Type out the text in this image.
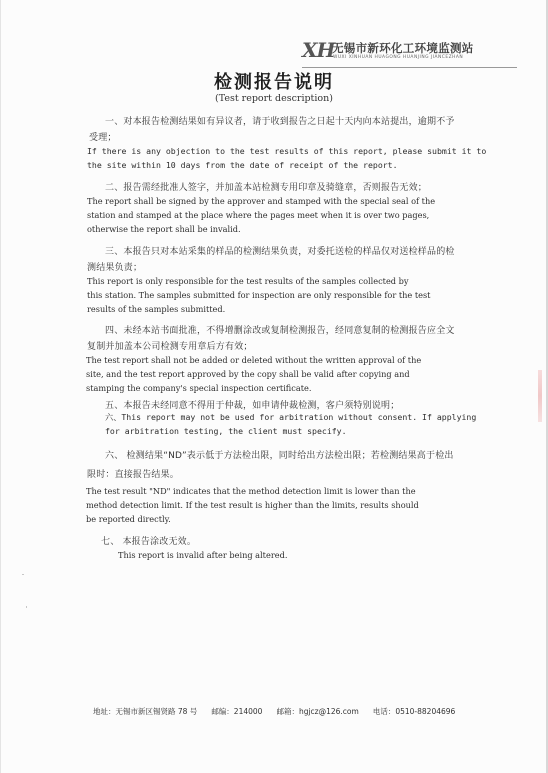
XH
无锡市新环化工环境监测站
WUXI XINHUAN HUAGONG HUANJING JIANCEZHAN
检测报告说明
(Test report description)
一、对本报告检测结果如有异议者，请于收到报告之日起十天内向本站提出，逾期不予
受理；
If there is any objection to the test results of this report, please submit it to
the site within 10 days from the date of receipt of the report.
二、报告需经批准人签字，并加盖本站检测专用印章及骑缝章，否则报告无效；
The report shall be signed by the approver and stamped with the special seal of the
station and stamped at the place where the pages meet when it is over two pages,
otherwise the report shall be invalid.
三、本报告只对本站采集的样品的检测结果负责，对委托送检的样品仅对送检样品的检
测结果负责；
This report is only responsible for the test results of the samples collected by
this station. The samples submitted for inspection are only responsible for the test
results of the samples submitted.
四、未经本站书面批准，不得增删涂改或复制检测报告，经同意复制的检测报告应全文
复制并加盖本公司检测专用章后方有效；
The test report shall not be added or deleted without the written approval of the
site, and the test report approved by the copy shall be valid after copying and
stamping the company's special inspection certificate.
五、本报告未经同意不得用于仲裁，如申请仲裁检测，客户须特别说明；
六、This report may not be used for arbitration without consent. If applying
for arbitration testing, the client must specify.
六、 检测结果“ND”表示低于方法检出限，同时给出方法检出限；若检测结果高于检出
限时：直接报告结果。
The test result "ND" indicates that the method detection limit is lower than the
method detection limit. If the test result is higher than the limits, results should
be reported directly.
七、 本报告涂改无效。
This report is invalid after being altered.
地址：无锡市新区锡贤路 78 号 邮编：214000 邮箱：hgjcz@126.com 电话：0510-88204696
